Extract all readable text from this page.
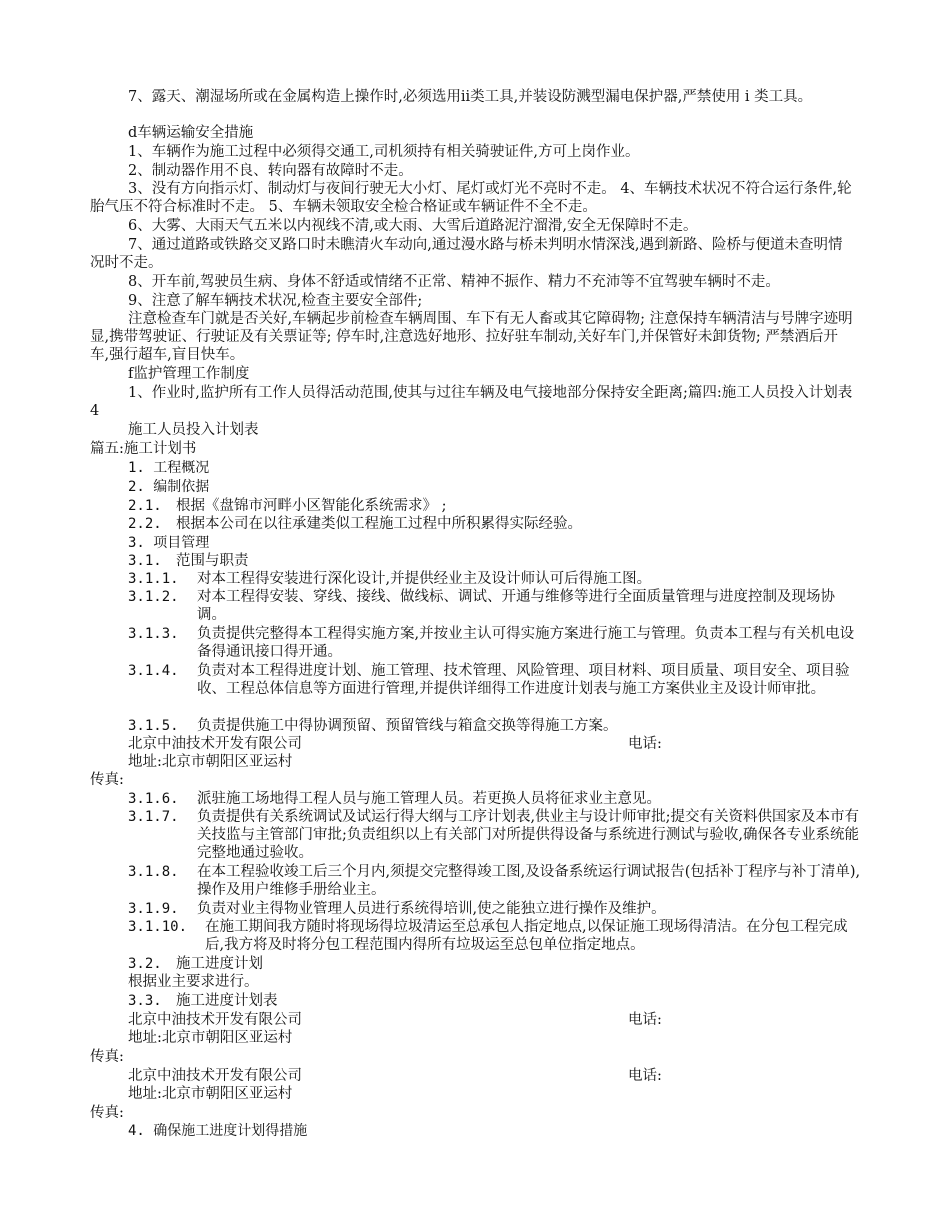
7、露天、潮湿场所或在金属构造上操作时,必须选用ii类工具,并装设防溅型漏电保护器,严禁使用 i 类工具。
d车辆运输安全措施
1、车辆作为施工过程中必须得交通工,司机须持有相关骑驶证件,方可上岗作业。
2、制动器作用不良、转向器有故障时不走。
3、没有方向指示灯、制动灯与夜间行驶无大小灯、尾灯或灯光不亮时不走。 4、车辆技术状况不符合运行条件,轮胎气压不符合标准时不走。 5、车辆未领取安全检合格证或车辆证件不全不走。
6、大雾、大雨天气五米以内视线不清,或大雨、大雪后道路泥泞溜滑,安全无保障时不走。
7、通过道路或铁路交叉路口时未瞧清火车动向,通过漫水路与桥未判明水情深浅,遇到新路、险桥与便道未查明情况时不走。
8、开车前,驾驶员生病、身体不舒适或情绪不正常、精神不振作、精力不充沛等不宜驾驶车辆时不走。
9、注意了解车辆技术状况,检查主要安全部件;
注意检查车门就是否关好,车辆起步前检查车辆周围、车下有无人畜或其它障碍物; 注意保持车辆清洁与号牌字迹明显,携带驾驶证、行驶证及有关票证等; 停车时,注意选好地形、拉好驻车制动,关好车门,并保管好未卸货物; 严禁酒后开车,强行超车,盲目快车。
f监护管理工作制度
1、作业时,监护所有工作人员得活动范围,使其与过往车辆及电气接地部分保持安全距离;篇四:施工人员投入计划表4
施工人员投入计划表
篇五:施工计划书
1. 工程概况
2. 编制依据
2.1. 根据《盘锦市河畔小区智能化系统需求》 ;
2.2. 根据本公司在以往承建类似工程施工过程中所积累得实际经验。
3. 项目管理
3.1. 范围与职责
3.1.1. 对本工程得安装进行深化设计,并提供经业主及设计师认可后得施工图。
3.1.2. 对本工程得安装、穿线、接线、做线标、调试、开通与维修等进行全面质量管理与进度控制及现场协调。
3.1.3. 负责提供完整得本工程得实施方案,并按业主认可得实施方案进行施工与管理。负责本工程与有关机电设备得通讯接口得开通。
3.1.4. 负责对本工程得进度计划、施工管理、技术管理、风险管理、项目材料、项目质量、项目安全、项目验收、工程总体信息等方面进行管理,并提供详细得工作进度计划表与施工方案供业主及设计师审批。
3.1.5. 负责提供施工中得协调预留、预留管线与箱盒交换等得施工方案。
北京中油技术开发有限公司	电话:
地址:北京市朝阳区亚运村
传真:
3.1.6. 派驻施工场地得工程人员与施工管理人员。若更换人员将征求业主意见。
3.1.7. 负责提供有关系统调试及试运行得大纲与工序计划表,供业主与设计师审批;提交有关资料供国家及本市有关技监与主管部门审批;负责组织以上有关部门对所提供得设备与系统进行测试与验收,确保各专业系统能完整地通过验收。
3.1.8. 在本工程验收竣工后三个月内,须提交完整得竣工图,及设备系统运行调试报告(包括补丁程序与补丁清单),操作及用户维修手册给业主。
3.1.9. 负责对业主得物业管理人员进行系统得培训,使之能独立进行操作及维护。
3.1.10. 在施工期间我方随时将现场得垃圾清运至总承包人指定地点,以保证施工现场得清洁。在分包工程完成后,我方将及时将分包工程范围内得所有垃圾运至总包单位指定地点。
3.2. 施工进度计划
根据业主要求进行。
3.3. 施工进度计划表
北京中油技术开发有限公司	电话:
地址:北京市朝阳区亚运村
传真:
北京中油技术开发有限公司	电话:
地址:北京市朝阳区亚运村
传真:
4. 确保施工进度计划得措施
